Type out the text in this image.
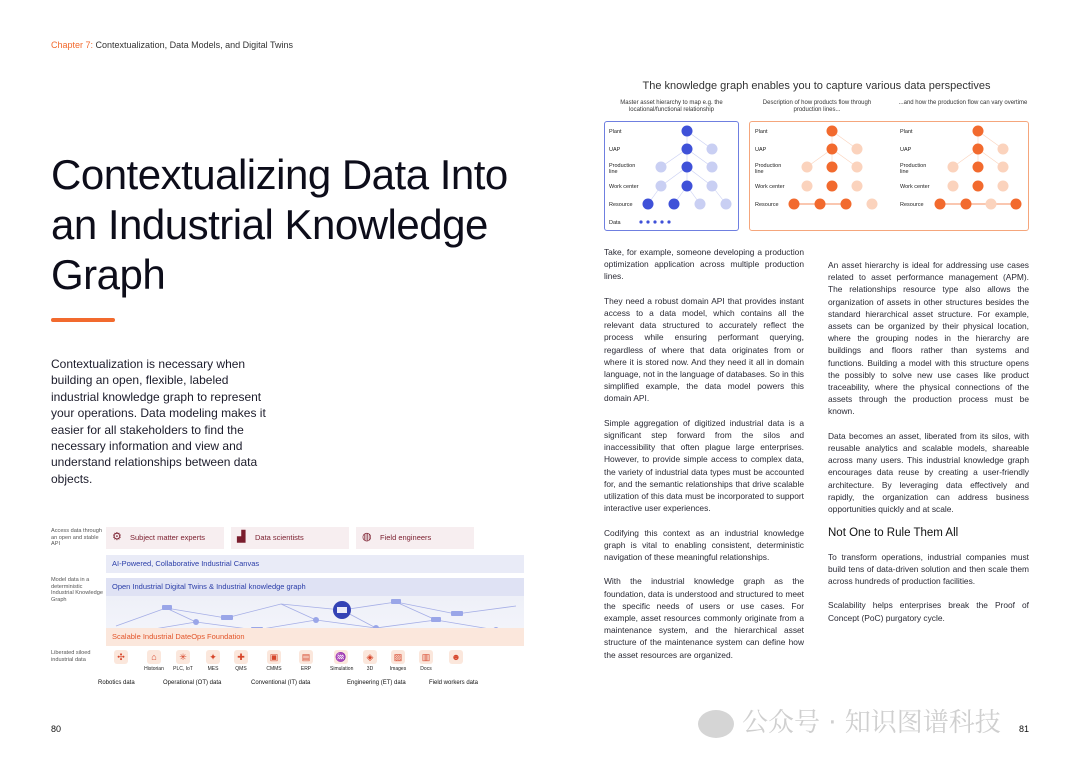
Chapter 7: Contextualization, Data Models, and Digital Twins
Contextualizing Data Into an Industrial Knowledge Graph

Contextualization is necessary when building an open, flexible, labeled industrial knowledge graph to represent your operations. Data modeling makes it easier for all stakeholders to find the necessary information and view and understand relationships between data objects.

Access data through an open and stable API
Model data in a deterministic Industrial Knowledge Graph
Liberated siloed industrial data
⚙ Subject matter experts	▟ Data scientists	◍ Field engineers
AI-Powered, Collaborative Industrial Canvas
Open Industrial Digital Twins & Industrial knowledge graph
Scalable Industrial DateOps Foundation
✣	⌂
Historian
✳
PLC, IoT
✦
MES
✚
QMS
▣
CMMS
▤
ERP
♒
Simulation
◈
3D
▨
Images
▥
Docs
☻
Robotics data	Operational (OT) data	Conventional (IT) data	Engineering (ET) data	Field workers data
80
The knowledge graph enables you to capture various data perspectives
Master asset hierarchy to map e.g. the locational/functional relationship
Description of how products flow through production lines...
...and how the production flow can vary overtime
Plant
UAP
Production
line
Work center
Resource
Data
Plant
UAP
Production
line
Work center
Resource
Plant
UAP
Production
line
Work center
Resource

Take, for example, someone developing a production optimization application across multiple production lines.

They need a robust domain API that provides instant access to a data model, which contains all the relevant data structured to accurately reflect the process while ensuring performant querying, regardless of where that data originates from or where it is stored now. And they need it all in domain language, not in the language of databases. So in this simplified example, the data model powers this domain API.

Simple aggregation of digitized industrial data is a significant step forward from the silos and inaccessibility that often plague large enterprises. However, to provide simple access to complex data, the variety of industrial data types must be accounted for, and the semantic relationships that drive scalable utilization of this data must be incorporated to support interactive user experiences.

Codifying this context as an industrial knowledge graph is vital to enabling consistent, deterministic navigation of these meaningful relationships.

With the industrial knowledge graph as the foundation, data is understood and structured to meet the specific needs of users or use cases. For example, asset resources commonly originate from a maintenance system, and the hierarchical asset structure of the maintenance system can define how the asset resources are organized.

An asset hierarchy is ideal for addressing use cases related to asset performance management (APM). The relationships resource type also allows the organization of assets in other structures besides the standard hierarchical asset structure. For example, assets can be organized by their physical location, where the grouping nodes in the hierarchy are buildings and floors rather than systems and functions. Building a model with this structure opens the possibly to solve new use cases like product traceability, where the physical connections of the assets through the production process must be known.

Data becomes an asset, liberated from its silos, with reusable analytics and scalable models, shareable across many users. This industrial knowledge graph encourages data reuse by creating a user-friendly architecture. By leveraging data effectively and rapidly, the organization can address business opportunities quickly and at scale.

Not One to Rule Them All

To transform operations, industrial companies must build tens of data-driven solution and then scale them across hundreds of production facilities.

Scalability helps enterprises break the Proof of Concept (PoC) purgatory cycle.

公众号 · 知识图谱科技 81
